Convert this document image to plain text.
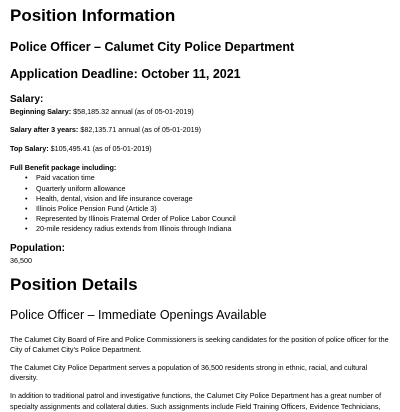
Position Information
Police Officer – Calumet City Police Department
Application Deadline: October 11, 2021
Salary:

Beginning Salary: $58,185.32 annual (as of 05-01-2019)

Salary after 3 years: $82,135.71 annual (as of 05-01-2019)

Top Salary: $105,495.41 (as of 05-01-2019)

Full Benefit package including:

• Paid vacation time
• Quarterly uniform allowance
• Health, dental, vision and life insurance coverage
• Illinois Police Pension Fund (Article 3)
• Represented by Illinois Fraternal Order of Police Labor Council
• 20-mile residency radius extends from Illinois through Indiana
Population:

36,500

Position Details
Police Officer – Immediate Openings Available

The Calumet City Board of Fire and Police Commissioners is seeking candidates for the position of police officer for the City of Calumet City’s Police Department.

The Calumet City Police Department serves a population of 36,500 residents strong in ethnic, racial, and cultural diversity.

In addition to traditional patrol and investigative functions, the Calumet City Police Department has a great number of specialty assignments and collateral duties. Such assignments include Field Training Officers, Evidence Technicians,
